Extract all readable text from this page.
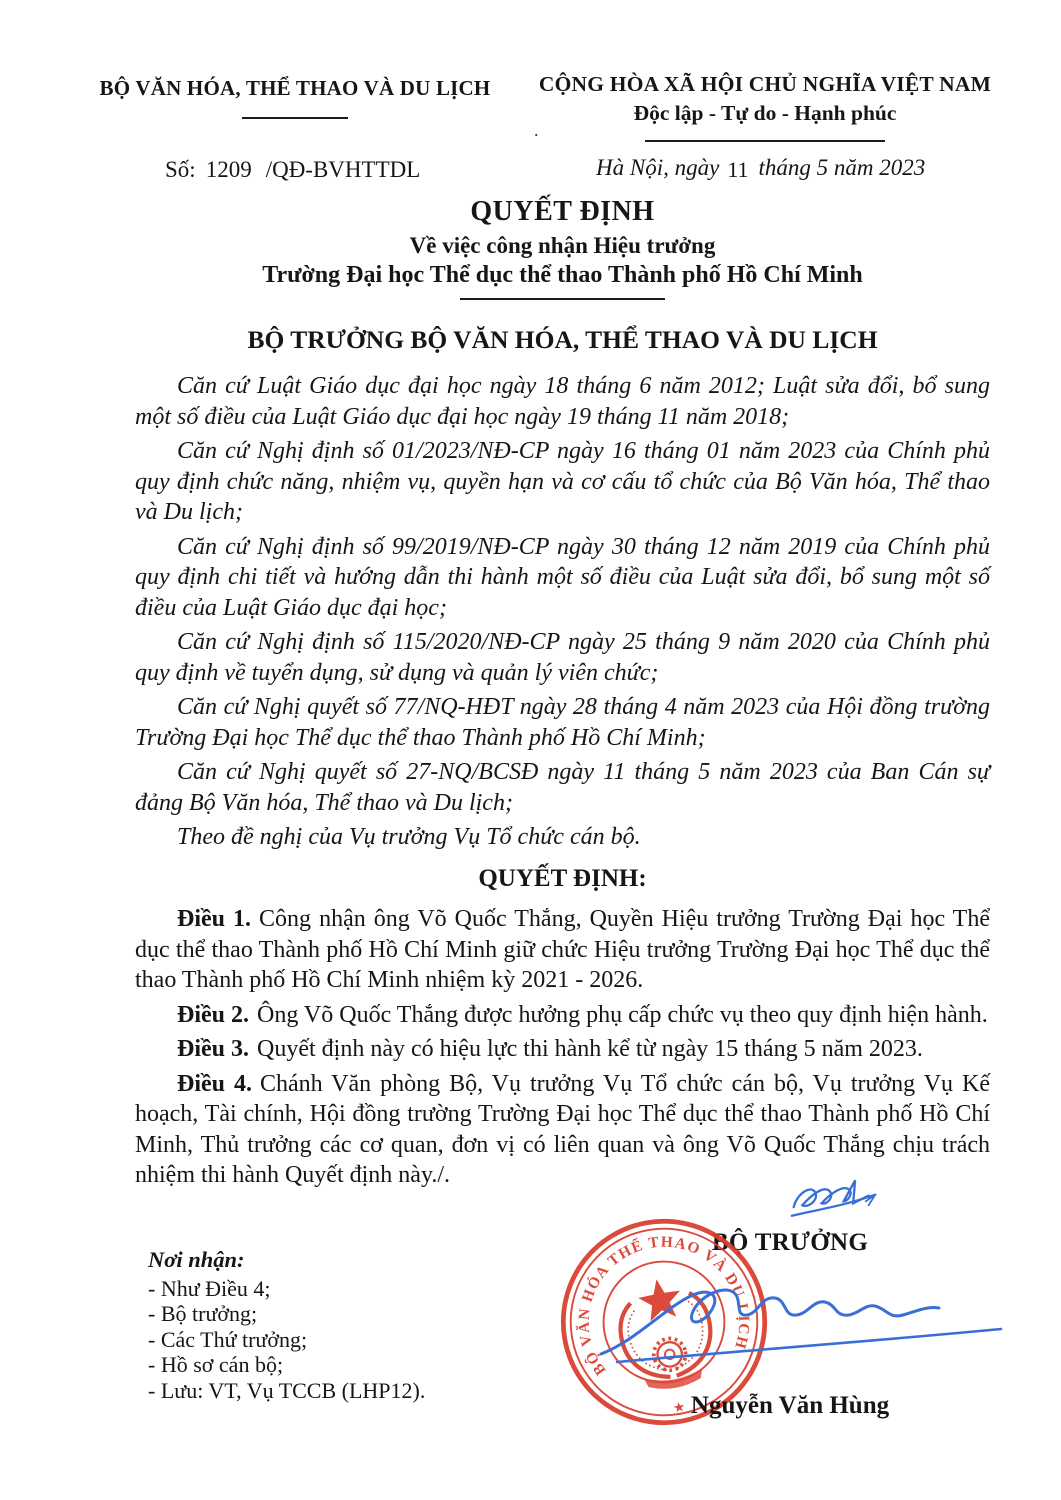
BỘ VĂN HÓA, THỂ THAO VÀ DU LỊCH	CỘNG HÒA XÃ HỘI CHỦ NGHĨA VIỆT NAM
Độc lập - Tự do - Hạnh phúc
.
Số: 1209 /QĐ-BVHTTDL	Hà Nội, ngày 11 tháng 5 năm 2023
QUYẾT ĐỊNH
Về việc công nhận Hiệu trưởng
Trường Đại học Thể dục thể thao Thành phố Hồ Chí Minh
BỘ TRƯỞNG BỘ VĂN HÓA, THỂ THAO VÀ DU LỊCH

Căn cứ Luật Giáo dục đại học ngày 18 tháng 6 năm 2012; Luật sửa đổi, bổ sung một số điều của Luật Giáo dục đại học ngày 19 tháng 11 năm 2018;

Căn cứ Nghị định số 01/2023/NĐ-CP ngày 16 tháng 01 năm 2023 của Chính phủ quy định chức năng, nhiệm vụ, quyền hạn và cơ cấu tổ chức của Bộ Văn hóa, Thể thao và Du lịch;

Căn cứ Nghị định số 99/2019/NĐ-CP ngày 30 tháng 12 năm 2019 của Chính phủ quy định chi tiết và hướng dẫn thi hành một số điều của Luật sửa đổi, bổ sung một số điều của Luật Giáo dục đại học;

Căn cứ Nghị định số 115/2020/NĐ-CP ngày 25 tháng 9 năm 2020 của Chính phủ quy định về tuyển dụng, sử dụng và quản lý viên chức;

Căn cứ Nghị quyết số 77/NQ-HĐT ngày 28 tháng 4 năm 2023 của Hội đồng trường Trường Đại học Thể dục thể thao Thành phố Hồ Chí Minh;

Căn cứ Nghị quyết số 27-NQ/BCSĐ ngày 11 tháng 5 năm 2023 của Ban Cán sự đảng Bộ Văn hóa, Thể thao và Du lịch;

Theo đề nghị của Vụ trưởng Vụ Tổ chức cán bộ.

QUYẾT ĐỊNH:

Điều 1. Công nhận ông Võ Quốc Thắng, Quyền Hiệu trưởng Trường Đại học Thể dục thể thao Thành phố Hồ Chí Minh giữ chức Hiệu trưởng Trường Đại học Thể dục thể thao Thành phố Hồ Chí Minh nhiệm kỳ 2021 - 2026.

Điều 2. Ông Võ Quốc Thắng được hưởng phụ cấp chức vụ theo quy định hiện hành.

Điều 3. Quyết định này có hiệu lực thi hành kể từ ngày 15 tháng 5 năm 2023.

Điều 4. Chánh Văn phòng Bộ, Vụ trưởng Vụ Tổ chức cán bộ, Vụ trưởng Vụ Kế hoạch, Tài chính, Hội đồng trường Trường Đại học Thể dục thể thao Thành phố Hồ Chí Minh, Thủ trưởng các cơ quan, đơn vị có liên quan và ông Võ Quốc Thắng chịu trách nhiệm thi hành Quyết định này./.

Nơi nhận:
- Như Điều 4;
- Bộ trưởng;
- Các Thứ trưởng;
- Hồ sơ cán bộ;
- Lưu: VT, Vụ TCCB (LHP12).
BỘ TRƯỞNG
BỘ VĂN HÓA THỂ THAO VÀ DU LỊCH
★ Nguyễn Văn Hùng
